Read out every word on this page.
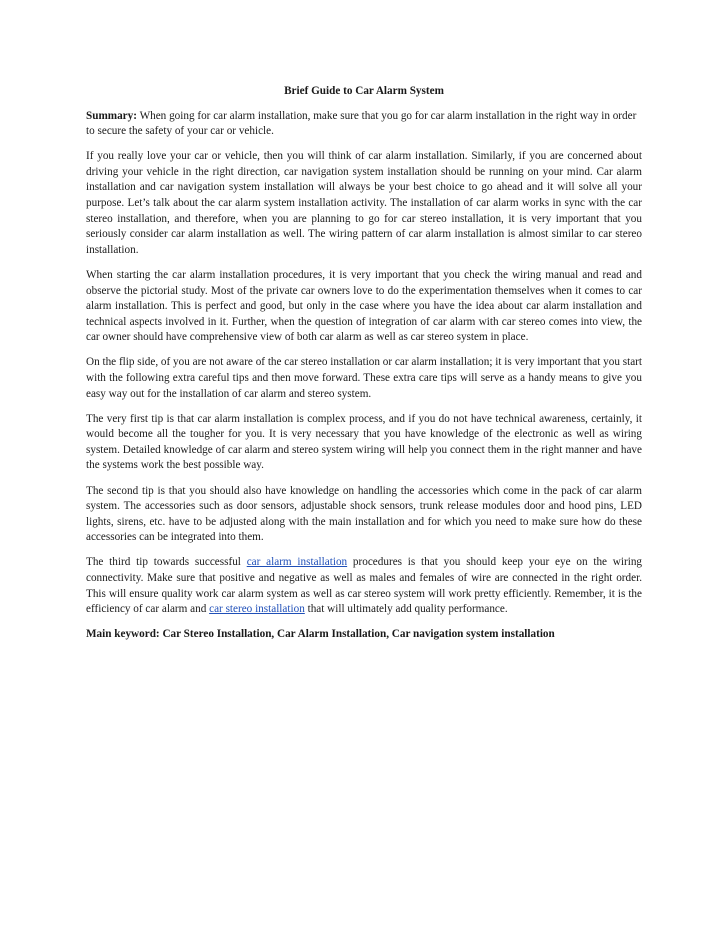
Brief Guide to Car Alarm System

Summary: When going for car alarm installation, make sure that you go for car alarm installation in the right way in order to secure the safety of your car or vehicle.

If you really love your car or vehicle, then you will think of car alarm installation. Similarly, if you are concerned about driving your vehicle in the right direction, car navigation system installation should be running on your mind. Car alarm installation and car navigation system installation will always be your best choice to go ahead and it will solve all your purpose. Let’s talk about the car alarm system installation activity. The installation of car alarm works in sync with the car stereo installation, and therefore, when you are planning to go for car stereo installation, it is very important that you seriously consider car alarm installation as well. The wiring pattern of car alarm installation is almost similar to car stereo installation.

When starting the car alarm installation procedures, it is very important that you check the wiring manual and read and observe the pictorial study. Most of the private car owners love to do the experimentation themselves when it comes to car alarm installation. This is perfect and good, but only in the case where you have the idea about car alarm installation and technical aspects involved in it. Further, when the question of integration of car alarm with car stereo comes into view, the car owner should have comprehensive view of both car alarm as well as car stereo system in place.

On the flip side, of you are not aware of the car stereo installation or car alarm installation; it is very important that you start with the following extra careful tips and then move forward. These extra care tips will serve as a handy means to give you easy way out for the installation of car alarm and stereo system.

The very first tip is that car alarm installation is complex process, and if you do not have technical awareness, certainly, it would become all the tougher for you. It is very necessary that you have knowledge of the electronic as well as wiring system. Detailed knowledge of car alarm and stereo system wiring will help you connect them in the right manner and have the systems work the best possible way.

The second tip is that you should also have knowledge on handling the accessories which come in the pack of car alarm system. The accessories such as door sensors, adjustable shock sensors, trunk release modules door and hood pins, LED lights, sirens, etc. have to be adjusted along with the main installation and for which you need to make sure how do these accessories can be integrated into them.

The third tip towards successful car alarm installation procedures is that you should keep your eye on the wiring connectivity. Make sure that positive and negative as well as males and females of wire are connected in the right order. This will ensure quality work car alarm system as well as car stereo system will work pretty efficiently. Remember, it is the efficiency of car alarm and car stereo installation that will ultimately add quality performance.

Main keyword: Car Stereo Installation, Car Alarm Installation, Car navigation system installation
